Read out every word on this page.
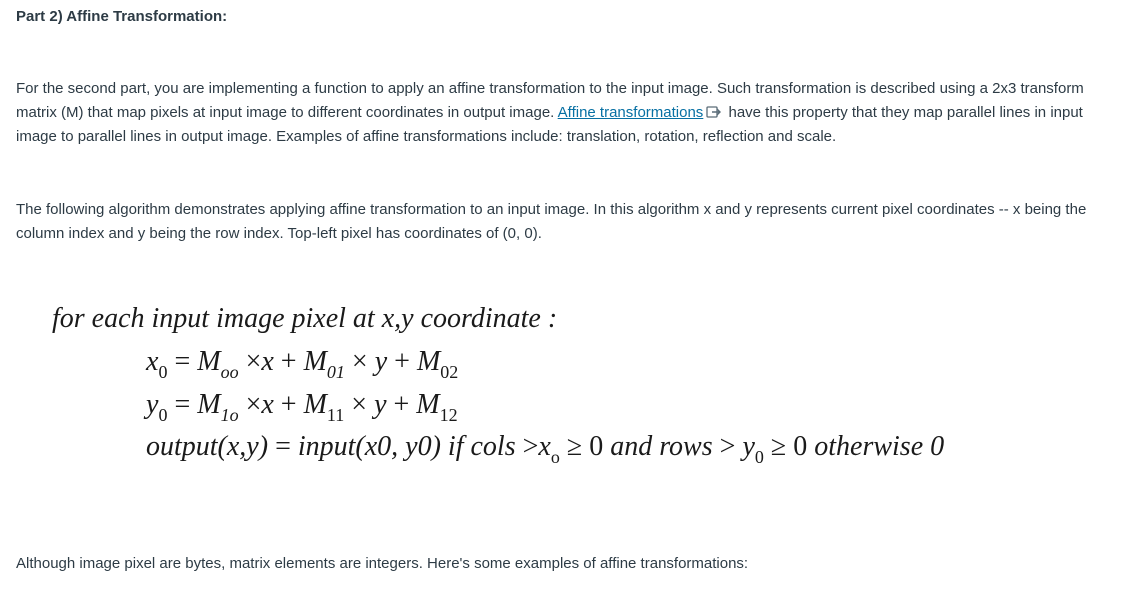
Part 2) Affine Transformation:

For the second part, you are implementing a function to apply an affine transformation to the input image. Such transformation is described using a 2x3 transform matrix (M) that map pixels at input image to different coordinates in output image. Affine transformations have this property that they map parallel lines in input image to parallel lines in output image. Examples of affine transformations include: translation, rotation, reflection and scale.

The following algorithm demonstrates applying affine transformation to an input image. In this algorithm x and y represents current pixel coordinates -- x being the column index and y being the row index. Top-left pixel has coordinates of (0, 0).

for each input image pixel at x,y coordinate :
$x_0 = M_{oo} \times x + M_{01} \times y + M_{02}$
$y_0 = M_{1o} \times x + M_{11} \times y + M_{12}$
output(x,y) = input(x0, y0) if cols $>x_o \ge 0$ and rows > $y_0 \ge 0$ otherwise 0

Although image pixel are bytes, matrix elements are integers. Here's some examples of affine transformations:
